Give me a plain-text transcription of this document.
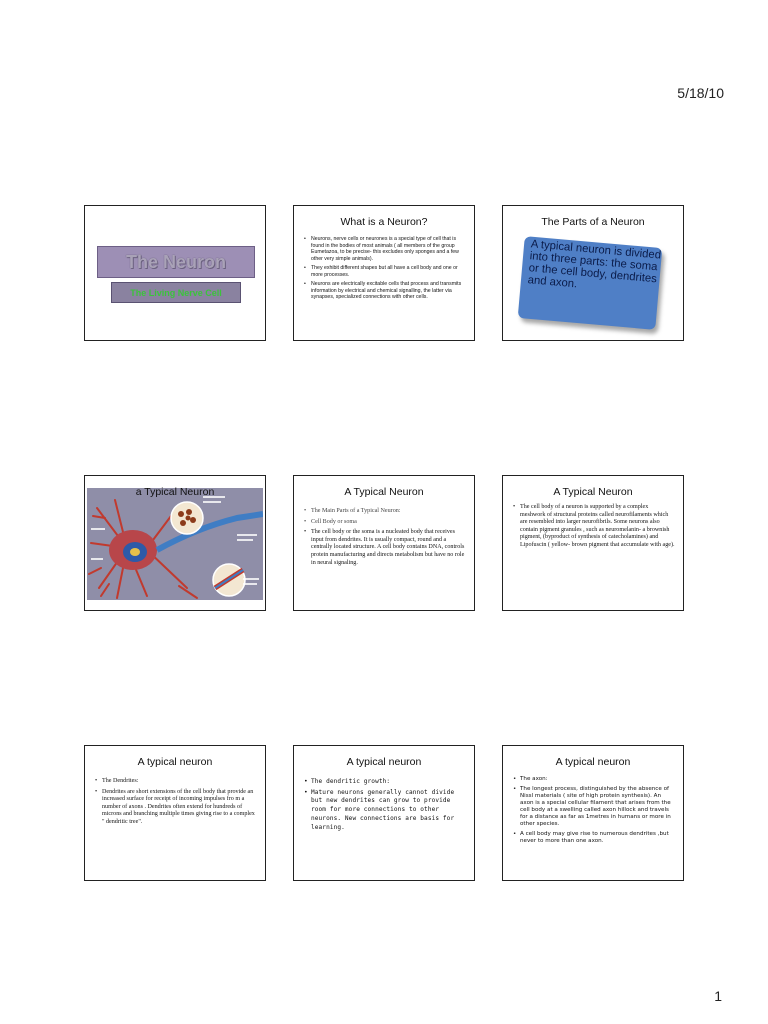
5/18/10
The Neuron
The Living Nerve Cell
What is a Neuron?
• Neurons, nerve cells or neurones is a special type of cell that is found in the bodies of most animals ( all members of the group Eumetazoa, to be precise- this excludes only sponges and a few other very simple animals).
• They exhibit different shapes but all have a cell body and one or more processes.
• Neurons are electrically excitable cells that process and transmits information by electrical and chemical signalling, the latter via synapses, specialized connections with other cells.
The Parts of a Neuron
A typical neuron is divided into three parts: the soma or the cell body, dendrites and axon.
a Typical Neuron	A Typical Neuron
• The Main Parts of a Typical Neuron:
• Cell Body or soma
• The cell body or the soma is a nucleated body that receives input from dendrites. It is usually compact, round and a centrally located structure. A cell body contains DNA, controls protein manufacturing and directs metabolism but have no role in neural signaling.
A Typical Neuron
• The cell body of a neuron is supported by a complex meshwork of structural proteins called neurofilaments which are resembled into larger neurofibrils. Some neurons also contain pigment granules , such as neuromelanin- a brownish pigment, (byproduct of synthesis of catecholamines) and Lipofuscin ( yellow- brown pigment that accumulate with age).
A typical neuron
• The Dendrites:
• Dendrites are short extensions of the cell body that provide an increased surface for receipt of incoming impulses fro m a number of axons . Dendrites often extend for hundreds of microns and branching multiple times giving rise to a complex " dendritic tree".
A typical neuron
• The dendritic growth:
• Mature neurons generally cannot divide but new dendrites can grow to provide room for more connections to other neurons. New connections are basis for learning.
A typical neuron
• The axon:
• The longest process, distinguished by the absence of Nissl materials ( site of high protein synthesis). An axon is a special cellular filament that arises from the cell body at a swelling called axon hillock and travels for a distance as far as 1metres in humans or more in other species.
• A cell body may give rise to numerous dendrites ,but never to more than one axon.
1
